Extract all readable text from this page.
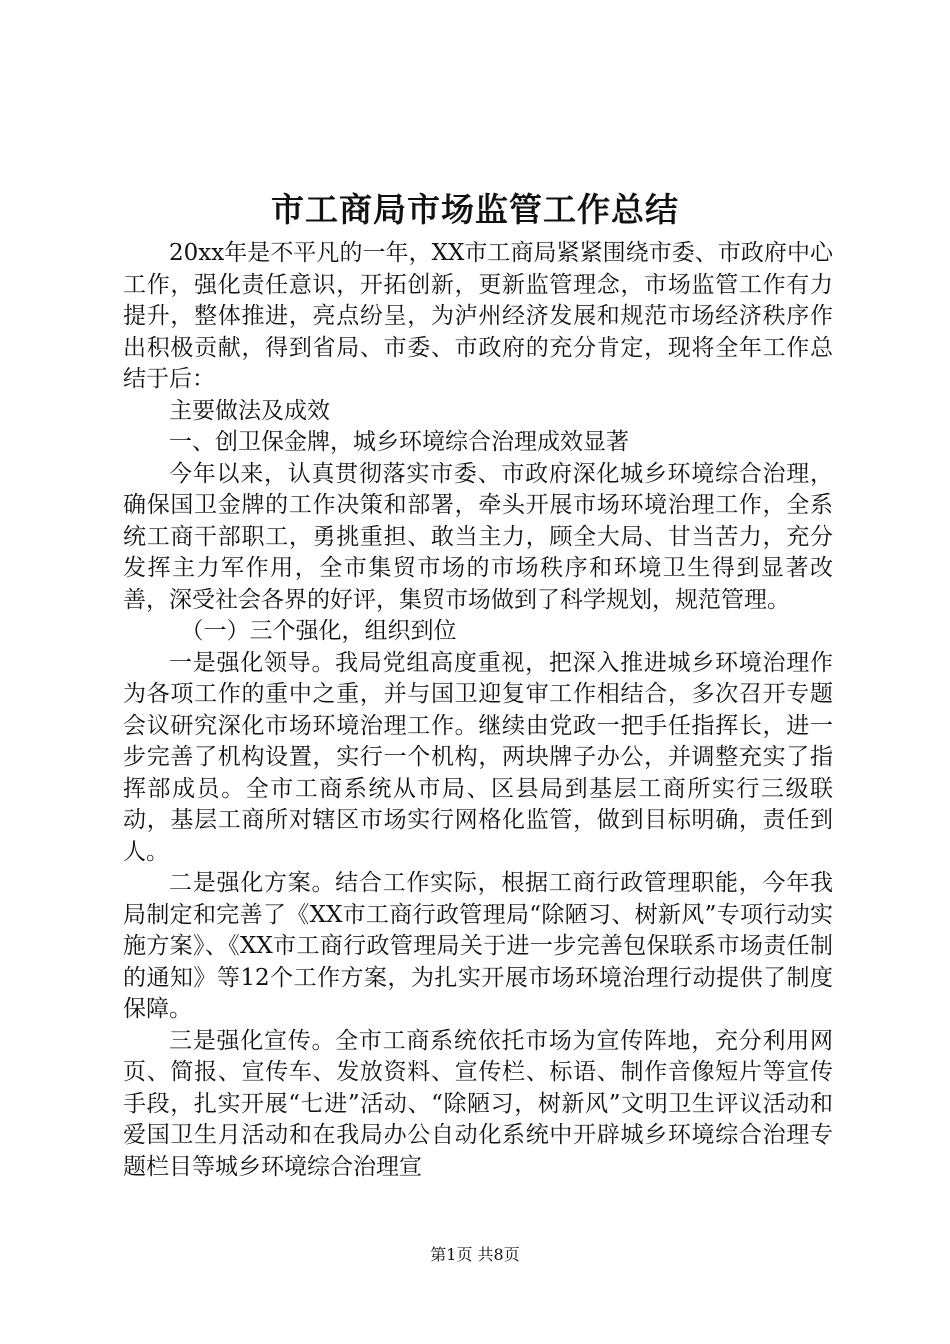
市工商局市场监管工作总结

20xx年是不平凡的一年，XX市工商局紧紧围绕市委、市政府中心工作，强化责任意识，开拓创新，更新监管理念，市场监管工作有力提升，整体推进，亮点纷呈，为泸州经济发展和规范市场经济秩序作出积极贡献，得到省局、市委、市政府的充分肯定，现将全年工作总结于后：

主要做法及成效

一、创卫保金牌，城乡环境综合治理成效显著

今年以来，认真贯彻落实市委、市政府深化城乡环境综合治理，确保国卫金牌的工作决策和部署，牵头开展市场环境治理工作，全系统工商干部职工，勇挑重担、敢当主力，顾全大局、甘当苦力，充分发挥主力军作用，全市集贸市场的市场秩序和环境卫生得到显著改善，深受社会各界的好评，集贸市场做到了科学规划，规范管理。

（一）三个强化，组织到位

一是强化领导。我局党组高度重视，把深入推进城乡环境治理作为各项工作的重中之重，并与国卫迎复审工作相结合，多次召开专题会议研究深化市场环境治理工作。继续由党政一把手任指挥长，进一步完善了机构设置，实行一个机构，两块牌子办公，并调整充实了指挥部成员。全市工商系统从市局、区县局到基层工商所实行三级联动，基层工商所对辖区市场实行网格化监管，做到目标明确，责任到人。

二是强化方案。结合工作实际，根据工商行政管理职能，今年我局制定和完善了《XX市工商行政管理局“除陋习、树新风”专项行动实施方案》、《XX市工商行政管理局关于进一步完善包保联系市场责任制的通知》等12个工作方案，为扎实开展市场环境治理行动提供了制度保障。

三是强化宣传。全市工商系统依托市场为宣传阵地，充分利用网页、简报、宣传车、发放资料、宣传栏、标语、制作音像短片等宣传手段，扎实开展“七进”活动、“除陋习，树新风”文明卫生评议活动和爱国卫生月活动和在我局办公自动化系统中开辟城乡环境综合治理专题栏目等城乡环境综合治理宣

第1页 共8页
